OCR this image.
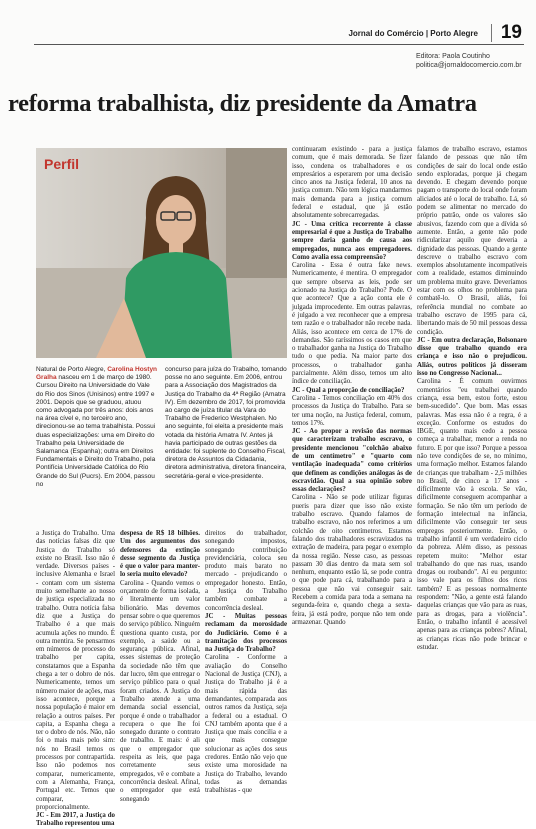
Jornal do Comércio | Porto Alegre 19
Editora: Paola Coutinho
politica@jornaldocomercio.com.br
reforma trabalhista, diz presidente da Amatra
Perfil
Natural de Porto Alegre, Carolina Hostyn Gralha nasceu em 1 de março de 1980. Cursou Direito na Universidade do Vale do Rio dos Sinos (Unisinos) entre 1997 e 2001. Depois que se graduou, atuou como advogada por três anos: dois anos na área cível e, no terceiro ano, direcionou-se ao tema trabalhista. Possui duas especializações: uma em Direito do Trabalho pela Universidade de Salamanca (Espanha); outra em Direitos Fundamentais e Direito do Trabalho, pela Pontifícia Universidade Católica do Rio Grande do Sul (Pucrs). Em 2004, passou no
concurso para juíza do Trabalho, tomando posse no ano seguinte. Em 2006, entrou para a Associação dos Magistrados da Justiça do Trabalho da 4ª Região (Amatra IV). Em dezembro de 2017, foi promovida ao cargo de juíza titular da Vara do Trabalho de Frederico Westphalen. No ano seguinte, foi eleita a presidente mais votada da história Amatra IV. Antes já havia participado de outras gestões da entidade: foi suplente do Conselho Fiscal, diretora de Assuntos da Cidadania, diretora administrativa, diretora financeira, secretária-geral e vice-presidente.

a Justiça do Trabalho. Uma das notícias falsas diz que Justiça do Trabalho só existe no Brasil. Isso não é verdade. Diversos países - inclusive Alemanha e Israel - contam com um sistema muito semelhante ao nosso de justiça especializada no trabalho. Outra notícia falsa diz que a Justiça do Trabalho é a que mais acumula ações no mundo. É outra mentira. Se pensarmos em números de processo do trabalho per capita, constatamos que a Espanha chega a ter o dobro de nós. Numericamente, temos um número maior de ações, mas isso acontece, porque a nossa população é maior em relação a outros países. Per capita, a Espanha chega a ter o dobro de nós. Não, não foi o mais mais pelo sim: nós no Brasil temos os processos por contrapartida. Isso não podemos nos comparar, numericamente, com a Alemanha, França, Portugal etc. Temos que comparar, proporcionalmente.

JC - Em 2017, a Justiça do Trabalho representou uma

despesa de R$ 18 bilhões. Um dos argumentos dos defensores da extinção desse segmento da Justiça é que o valor para manter-lo seria muito elevado?

Carolina - Quando vemos o orçamento de forma isolada, é literalmente um valor bilionário. Mas devemos pensar sobre o que queremos do serviço público. Ninguém questiona quanto custa, por exemplo, a saúde ou a segurança pública. Afinal, esses sistemas de proteção da sociedade não têm que dar lucro, têm que entregar o serviço público para o qual foram criados. A Justiça do Trabalho atende a uma demanda social essencial, porque é onde o trabalhador recupera o que lhe foi sonegado durante o contrato de trabalho. E mais: é ali que o empregador que respeita as leis, que paga corretamente seus empregados, vê e combate a concorrência desleal. Afinal, o empregador que está sonegando

direitos do trabalhador, sonegando impostos, sonegando contribuição previdenciária, coloca seu produto mais barato no mercado - prejudicando o empregador honesto. Então, a Justiça do Trabalho também combate a concorrência desleal.

JC - Muitas pessoas reclamam da morosidade do Judiciário. Como é a tramitação dos processos na Justiça do Trabalho?

Carolina - Conforme a avaliação do Conselho Nacional de Justiça (CNJ), a Justiça do Trabalho já é a mais rápida das demandantes, comparada aos outros ramos da Justiça, seja a federal ou a estadual. O CNJ também aponta que é a Justiça que mais concilia e a que mais consegue solucionar as ações dos seus credores. Então não vejo que existe uma morosidade na Justiça do Trabalho, levando todas as demandas trabalhistas - que

continuaram existindo - para a justiça comum, que é mais demorada. Se fizer isso, condena os trabalhadores e os empresários a esperarem por uma decisão cinco anos na Justiça federal, 10 anos na justiça comum. Não tem lógica mandarmos mais demanda para a justiça comum federal e estadual, que já estão absolutamente sobrecarregadas.

JC - Uma crítica recorrente à classe empresarial é que a Justiça do Trabalho sempre daria ganho de causa aos empregados, nunca aos empregadores. Como avalia essa compreensão?

Carolina - Essa é outra fake news. Numericamente, é mentira. O empregador que sempre observa as leis, pode ser acionado na Justiça do Trabalho? Pode. O que acontece? Que a ação conta ele é julgada improcedente. Em outras palavras, é julgado a vez reconhecer que a empresa tem razão e o trabalhador não recebe nada. Aliás, isso acontece em cerca de 17% de demandas. São raríssimos os casos em que o trabalhador ganha na Justiça do Trabalho tudo o que pedia. Na maior parte dos processos, o trabalhador ganha parcialmente. Além disso, temos um alto índice de conciliação.

JC - Qual a proporção de conciliação?

Carolina - Temos conciliação em 40% dos processos da Justiça do Trabalho. Para se ter uma noção, na Justiça federal, comum, temos 17%.

JC - Ao propor a revisão das normas que caracterizam trabalho escravo, o presidente mencionou "colchão abaixo de um centímetro" e "quarto com ventilação inadequada" como critérios que definem as condições análogas às de escravidão. Qual a sua opinião sobre essas declarações?

Carolina - Não se pode utilizar figuras pueris para dizer que isso não existe trabalho escravo. Quando falamos de trabalho escravo, não nos referimos a um colchão de oito centímetros. Estamos falando dos trabalhadores escravizados na extração de madeira, para pegar o exemplo da nossa região. Nesse caso, as pessoas passam 30 dias dentro da mata sem sol nenhum, enquanto estão lá, se pode contra o que pode para cá, trabalhando para a pessoa que não vai conseguir sair. Recebem a comida para toda a semana na segunda-feira e, quando chega a sexta-feira, já está podre, porque não tem onde armazenar. Quando

falamos de trabalho escravo, estamos falando de pessoas que não têm condições de sair do local onde estão sendo exploradas, porque já chegam devendo. E chegam devendo porque pagam o transporte do local onde foram aliciados até o local de trabalho. Lá, só podem se alimentar no mercado do próprio patrão, onde os valores são abusivos, fazendo com que a dívida só aumente. Então, a gente não pode ridicularizar aquilo que deveria a dignidade das pessoas. Quando a gente descreve o trabalho escravo com exemplos absolutamente incompatíveis com a realidade, estamos diminuindo um problema muito grave. Deveríamos estar com os olhos no problema para combatê-lo. O Brasil, aliás, foi referência mundial no combate ao trabalho escravo de 1995 para cá, libertando mais de 50 mil pessoas dessa condição.

JC - Em outra declaração, Bolsonaro disse que trabalho quando era criança e isso não o prejudicou. Aliás, outros políticos já disseram isso no Congresso Nacional...

Carolina - É comum ouvirmos comentários "eu trabalhei quando criança, essa bem, estou forte, estou bem-sucedido". Que bom. Mas essas palavras. Mas essa não é a regra, é a exceção. Conforme os estudos do IBGE, quanto mais cedo a pessoa começa a trabalhar, menor a renda no futuro. E por que isso? Porque a pessoa não teve condições de se, no mínimo, uma formação melhor. Estamos falando de crianças que trabalham - 2,5 milhões no Brasil, de cinco a 17 anos - difícilmente vão à escola. Se vão, dificilmente conseguem acompanhar a formação. Se não têm um período de formação intelectual na infância, dificilmente vão conseguir ter seus empregos posteriormente. Então, o trabalho infantil é um verdadeiro ciclo da pobreza. Além disso, as pessoas repetem muito: "Melhor estar trabalhando do que nas ruas, usando drogas ou roubando". Aí eu pergunto: isso vale para os filhos dos ricos também? E as pessoas normalmente respondem: "Não, a gente está falando daquelas crianças que vão para as ruas, para as drogas, para a violência". Então, o trabalho infantil é acessível apenas para as crianças pobres? Afinal, as crianças ricas não pode brincar e estudar.
